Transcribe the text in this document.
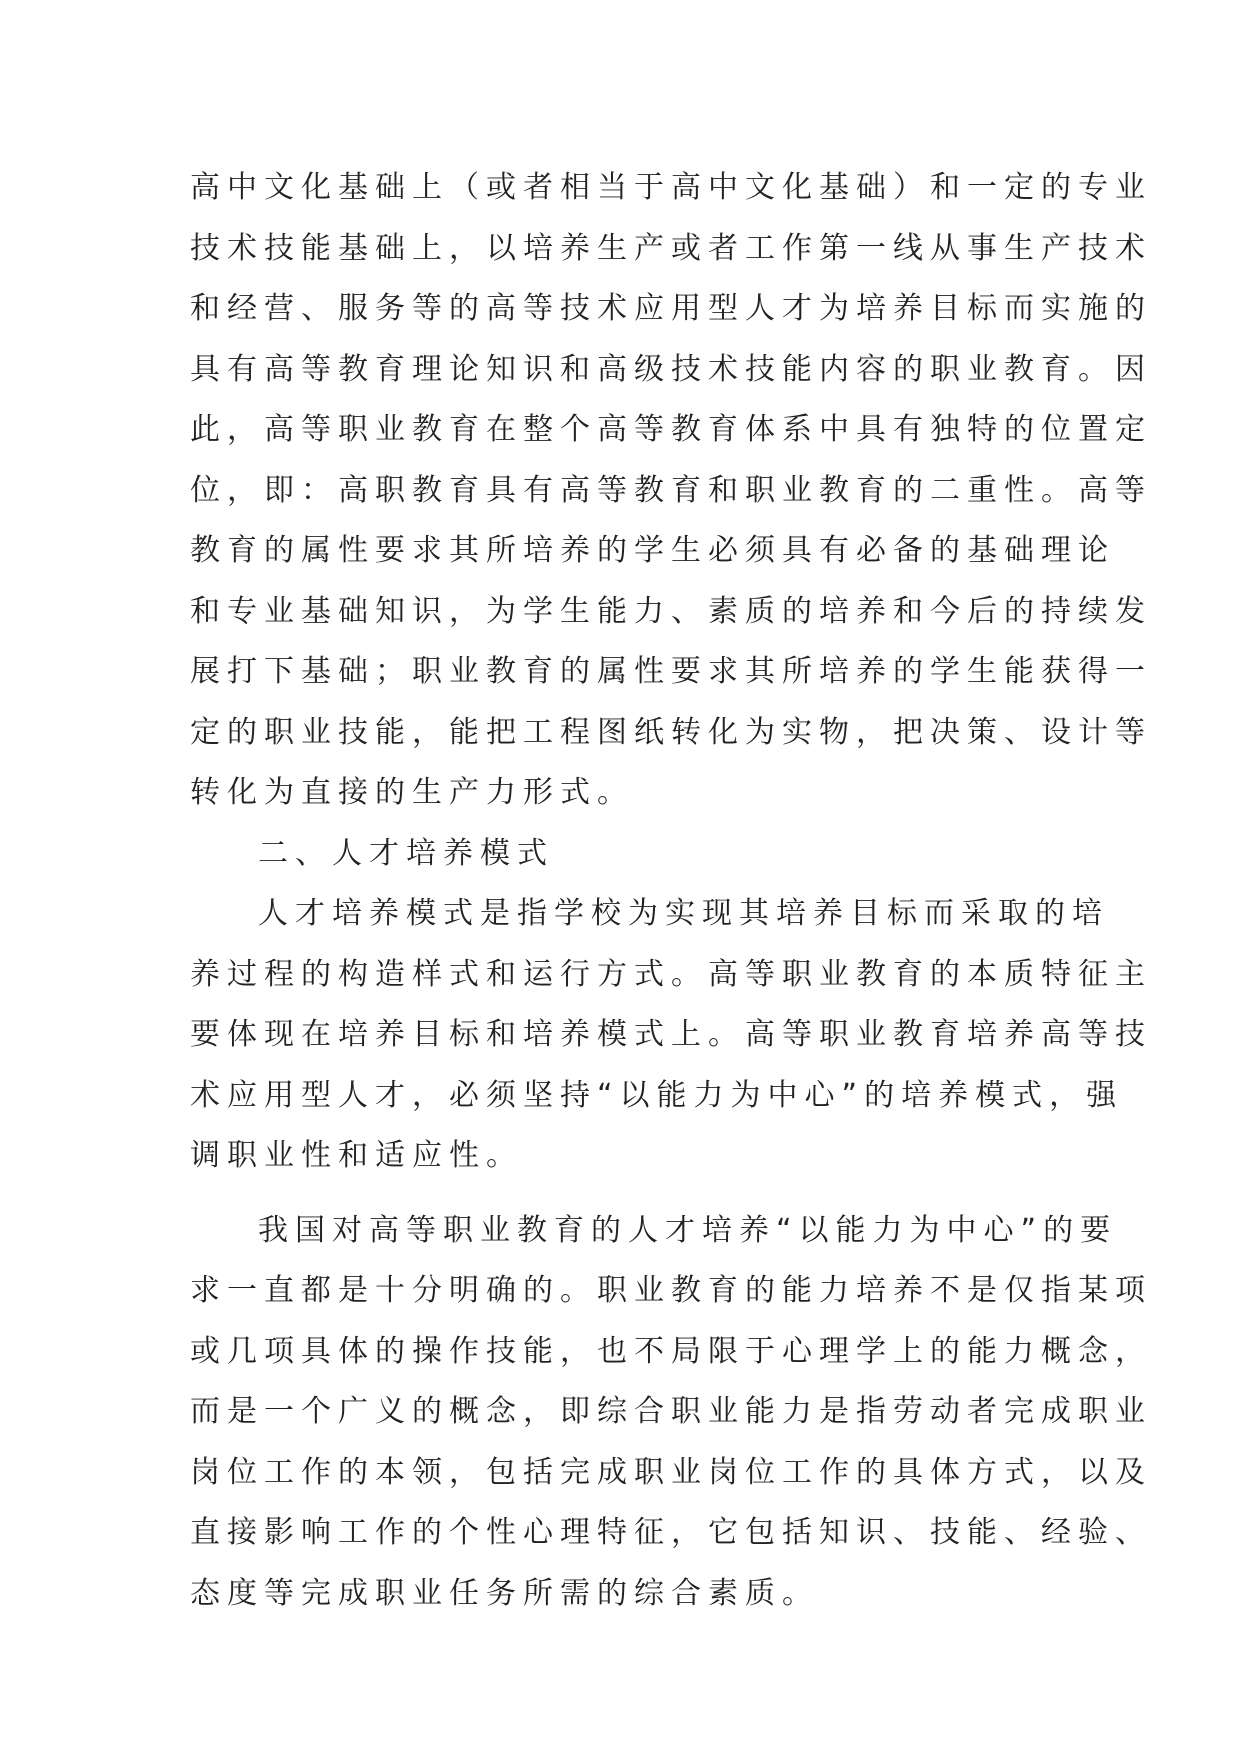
高中文化基础上（或者相当于高中文化基础）和一定的专业
技术技能基础上，以培养生产或者工作第一线从事生产技术
和经营、服务等的高等技术应用型人才为培养目标而实施的
具有高等教育理论知识和高级技术技能内容的职业教育。因
此，高等职业教育在整个高等教育体系中具有独特的位置定
位，即：高职教育具有高等教育和职业教育的二重性。高等
教育的属性要求其所培养的学生必须具有必备的基础理论
和专业基础知识，为学生能力、素质的培养和今后的持续发
展打下基础；职业教育的属性要求其所培养的学生能获得一
定的职业技能，能把工程图纸转化为实物，把决策、设计等
转化为直接的生产力形式。
二、人才培养模式
人才培养模式是指学校为实现其培养目标而采取的培
养过程的构造样式和运行方式。高等职业教育的本质特征主
要体现在培养目标和培养模式上。高等职业教育培养高等技
术应用型人才，必须坚持“以能力为中心”的培养模式，强
调职业性和适应性。
我国对高等职业教育的人才培养“以能力为中心”的要
求一直都是十分明确的。职业教育的能力培养不是仅指某项
或几项具体的操作技能，也不局限于心理学上的能力概念，
而是一个广义的概念，即综合职业能力是指劳动者完成职业
岗位工作的本领，包括完成职业岗位工作的具体方式，以及
直接影响工作的个性心理特征，它包括知识、技能、经验、
态度等完成职业任务所需的综合素质。
